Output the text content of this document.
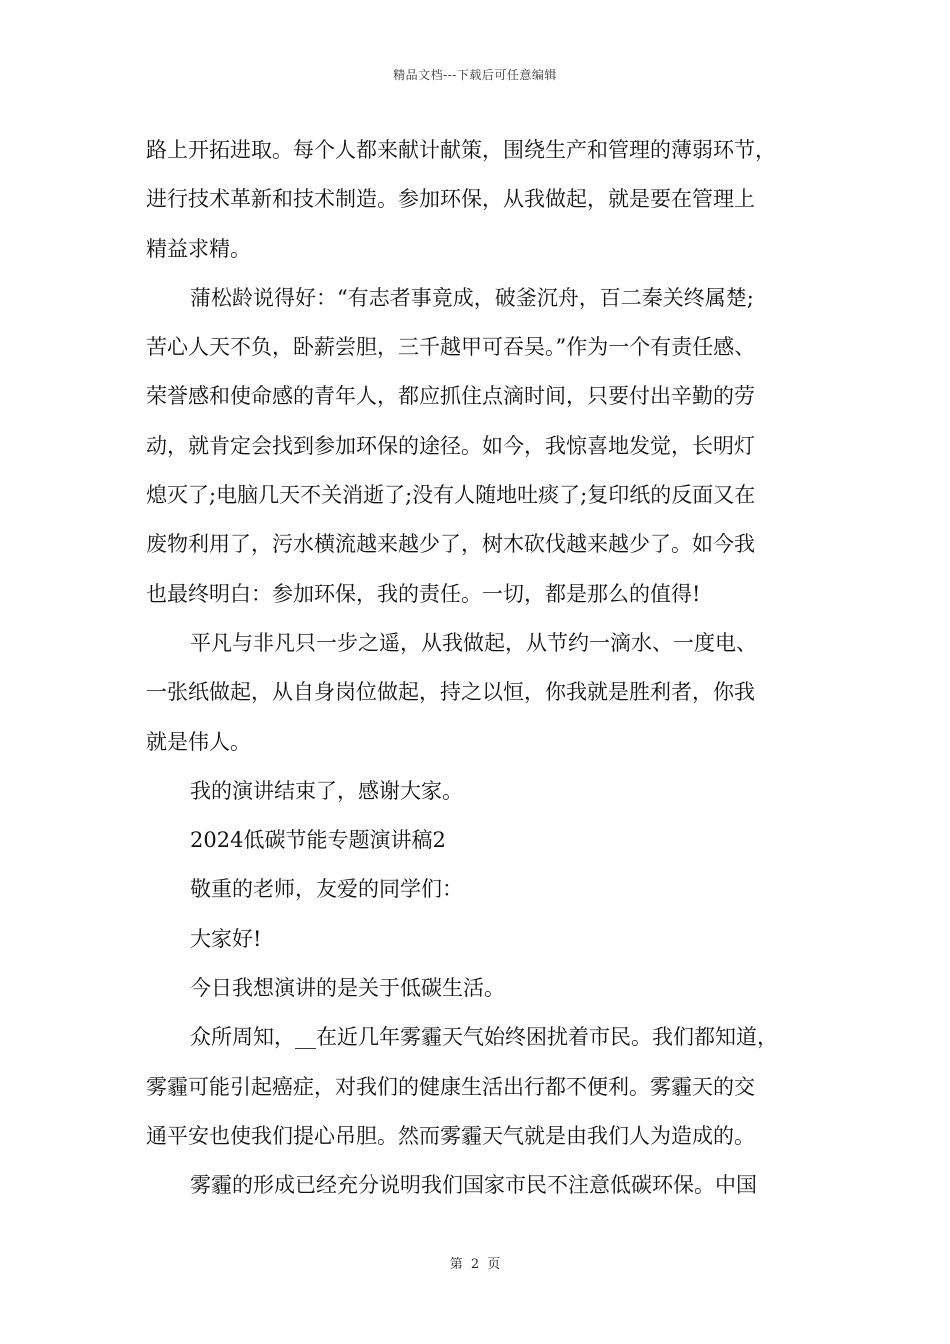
精品文档---下载后可任意编辑
路上开拓进取。每个人都来献计献策，围绕生产和管理的薄弱环节，
进行技术革新和技术制造。参加环保，从我做起，就是要在管理上
精益求精。
蒲松龄说得好：“有志者事竟成，破釜沉舟，百二秦关终属楚;
苦心人天不负，卧薪尝胆，三千越甲可吞吴。”作为一个有责任感、
荣誉感和使命感的青年人，都应抓住点滴时间，只要付出辛勤的劳
动，就肯定会找到参加环保的途径。如今，我惊喜地发觉，长明灯
熄灭了;电脑几天不关消逝了;没有人随地吐痰了;复印纸的反面又在
废物利用了，污水横流越来越少了，树木砍伐越来越少了。如今我
也最终明白：参加环保，我的责任。一切，都是那么的值得!
平凡与非凡只一步之遥，从我做起，从节约一滴水、一度电、
一张纸做起，从自身岗位做起，持之以恒，你我就是胜利者，你我
就是伟人。
我的演讲结束了，感谢大家。
2024低碳节能专题演讲稿2
敬重的老师，友爱的同学们：
大家好!
今日我想演讲的是关于低碳生活。
众所周知，__在近几年雾霾天气始终困扰着市民。我们都知道，
雾霾可能引起癌症，对我们的健康生活出行都不便利。雾霾天的交
通平安也使我们提心吊胆。然而雾霾天气就是由我们人为造成的。
雾霾的形成已经充分说明我们国家市民不注意低碳环保。中国
第 2 页
